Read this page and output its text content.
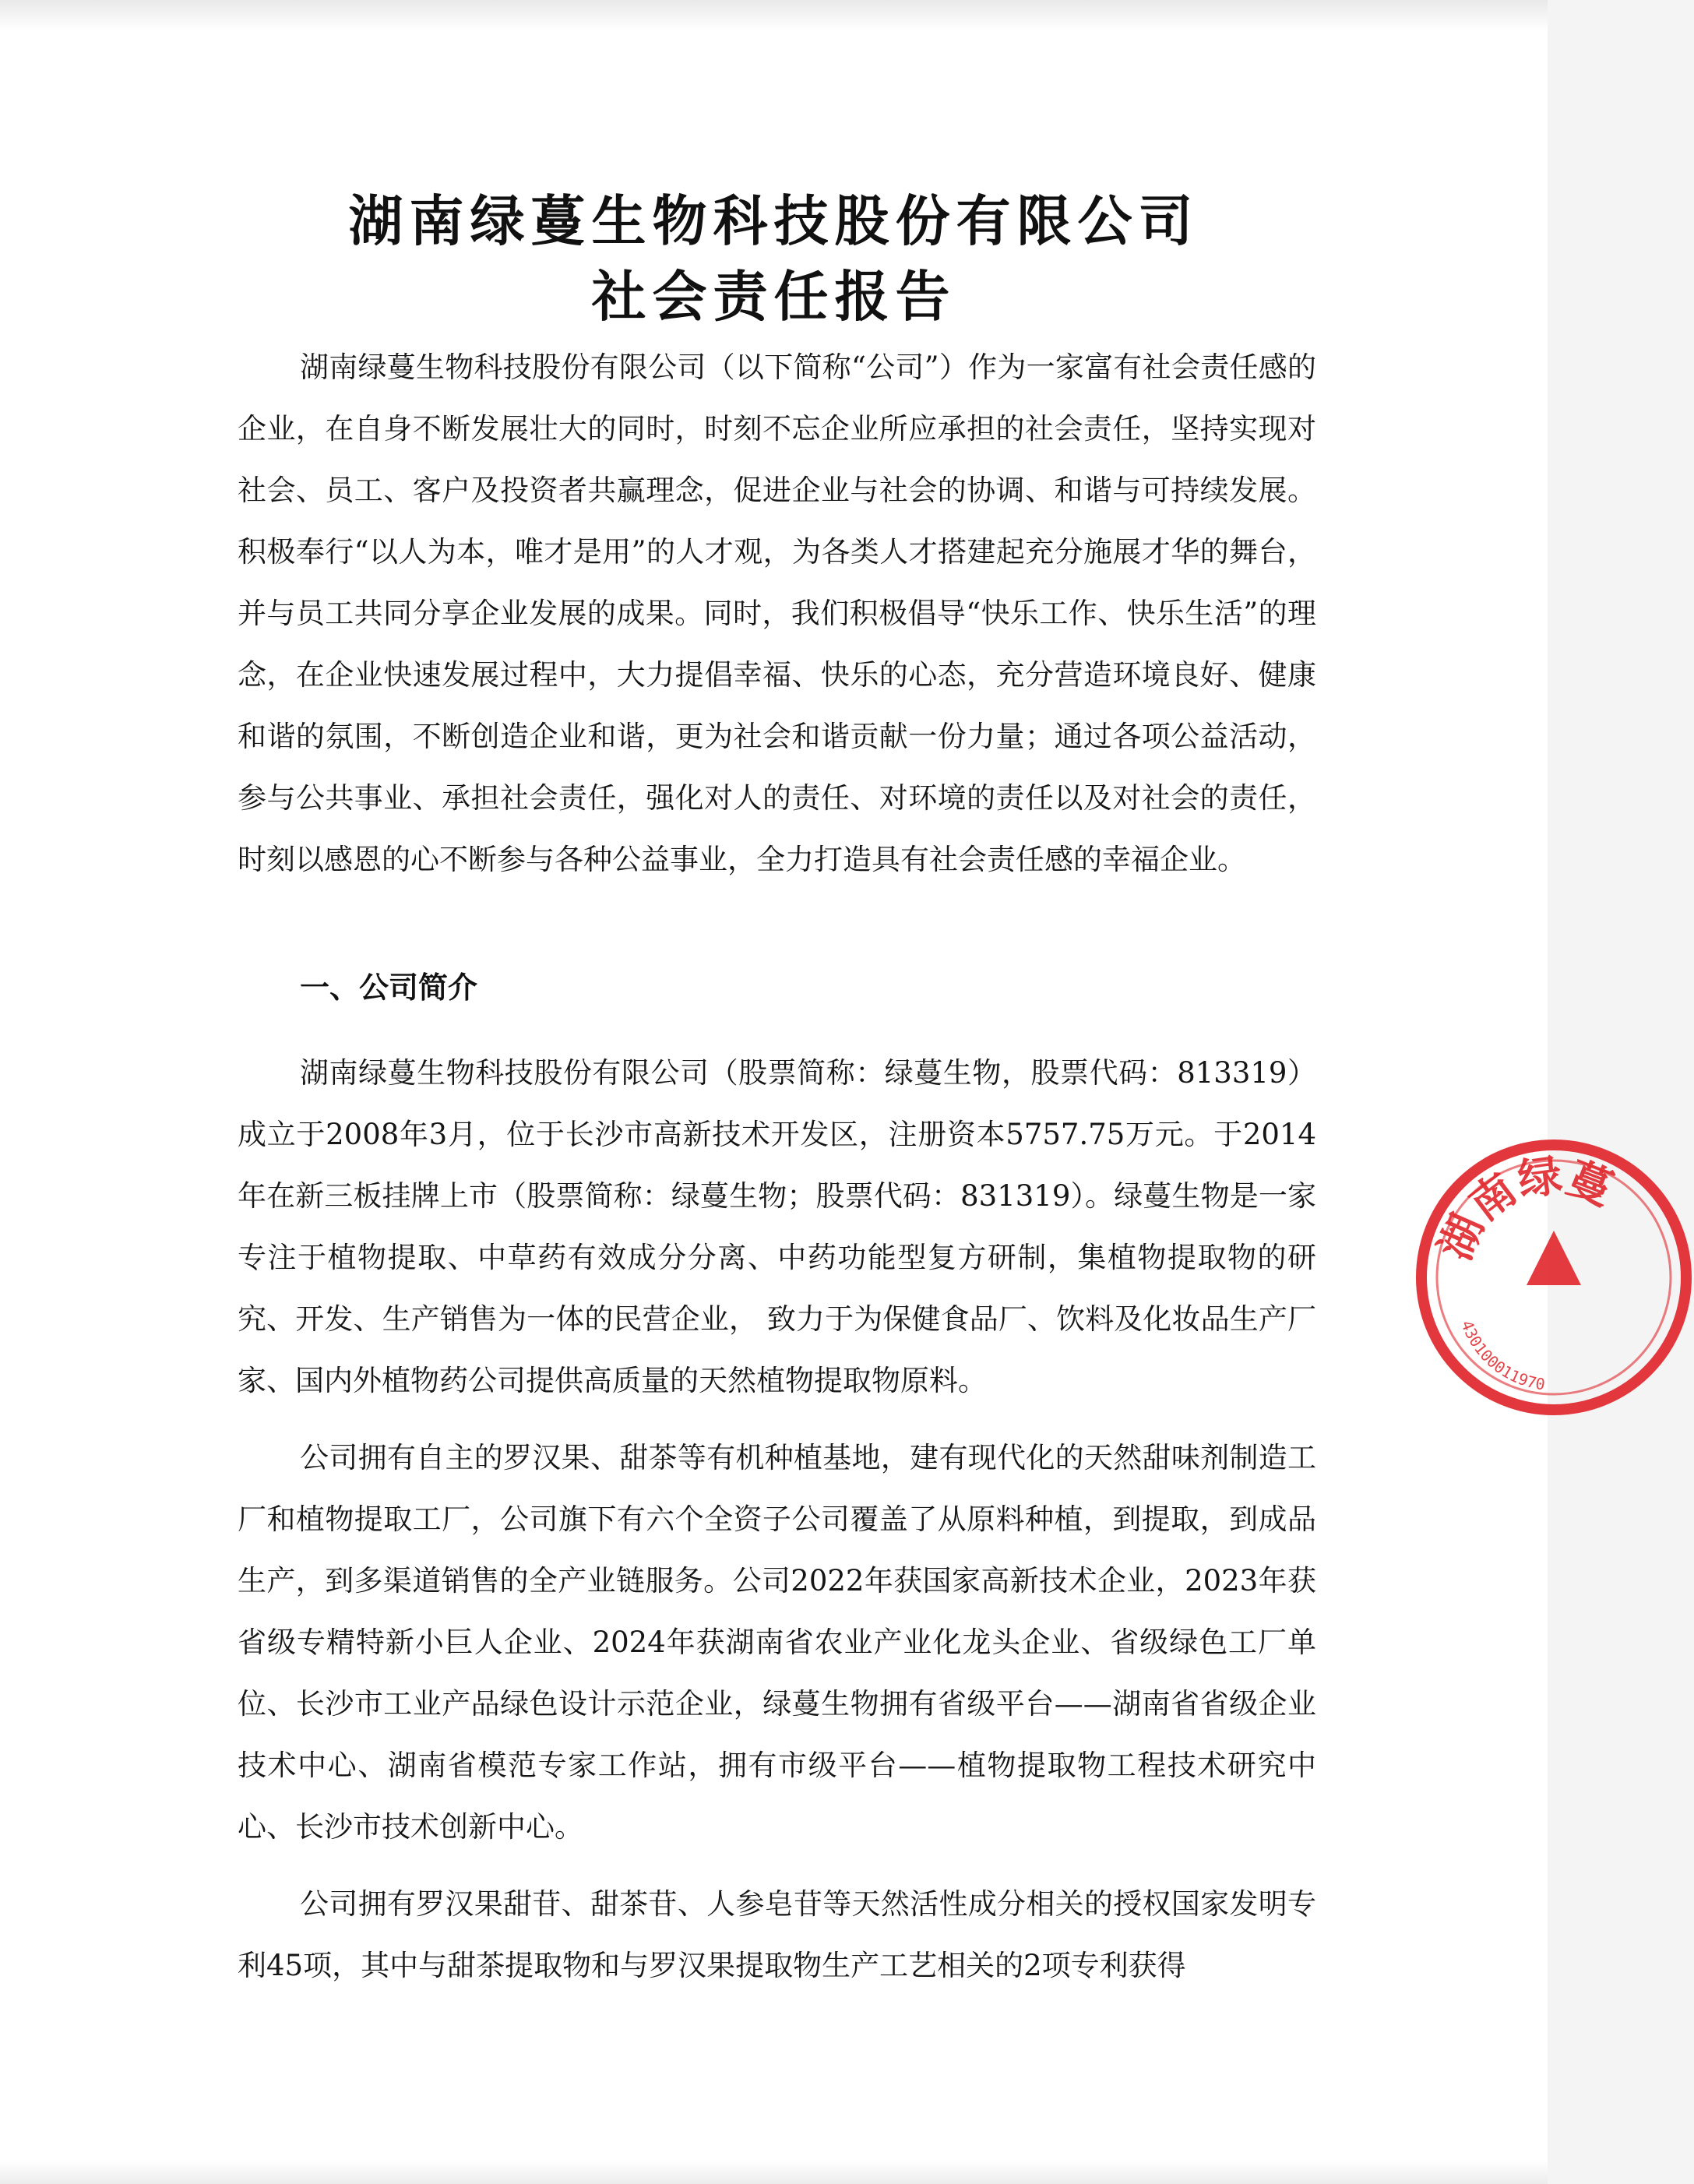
湖南绿蔓生物科技股份有限公司
社会责任报告

湖南绿蔓生物科技股份有限公司（以下简称“公司”）作为一家富有社会责任感的企业，在自身不断发展壮大的同时，时刻不忘企业所应承担的社会责任，坚持实现对社会、员工、客户及投资者共赢理念，促进企业与社会的协调、和谐与可持续发展。积极奉行“以人为本，唯才是用”的人才观，为各类人才搭建起充分施展才华的舞台，并与员工共同分享企业发展的成果。同时，我们积极倡导“快乐工作、快乐生活”的理念，在企业快速发展过程中，大力提倡幸福、快乐的心态，充分营造环境良好、健康和谐的氛围，不断创造企业和谐，更为社会和谐贡献一份力量；通过各项公益活动，参与公共事业、承担社会责任，强化对人的责任、对环境的责任以及对社会的责任，时刻以感恩的心不断参与各种公益事业，全力打造具有社会责任感的幸福企业。

一、公司简介

湖南绿蔓生物科技股份有限公司（股票简称：绿蔓生物，股票代码：813319）成立于2008年3月，位于长沙市高新技术开发区，注册资本5757.75万元。于2014年在新三板挂牌上市（股票简称：绿蔓生物；股票代码：831319）。绿蔓生物是一家专注于植物提取、中草药有效成分分离、中药功能型复方研制，集植物提取物的研究、开发、生产销售为一体的民营企业， 致力于为保健食品厂、饮料及化妆品生产厂家、国内外植物药公司提供高质量的天然植物提取物原料。

公司拥有自主的罗汉果、甜茶等有机种植基地，建有现代化的天然甜味剂制造工厂和植物提取工厂，公司旗下有六个全资子公司覆盖了从原料种植，到提取，到成品生产，到多渠道销售的全产业链服务。公司2022年获国家高新技术企业，2023年获省级专精特新小巨人企业、2024年获湖南省农业产业化龙头企业、省级绿色工厂单位、长沙市工业产品绿色设计示范企业，绿蔓生物拥有省级平台——湖南省省级企业技术中心、湖南省模范专家工作站，拥有市级平台——植物提取物工程技术研究中心、长沙市技术创新中心。

公司拥有罗汉果甜苷、甜茶苷、人参皂苷等天然活性成分相关的授权国家发明专利45项，其中与甜茶提取物和与罗汉果提取物生产工艺相关的2项专利获得

湖南绿蔓
430100011970
